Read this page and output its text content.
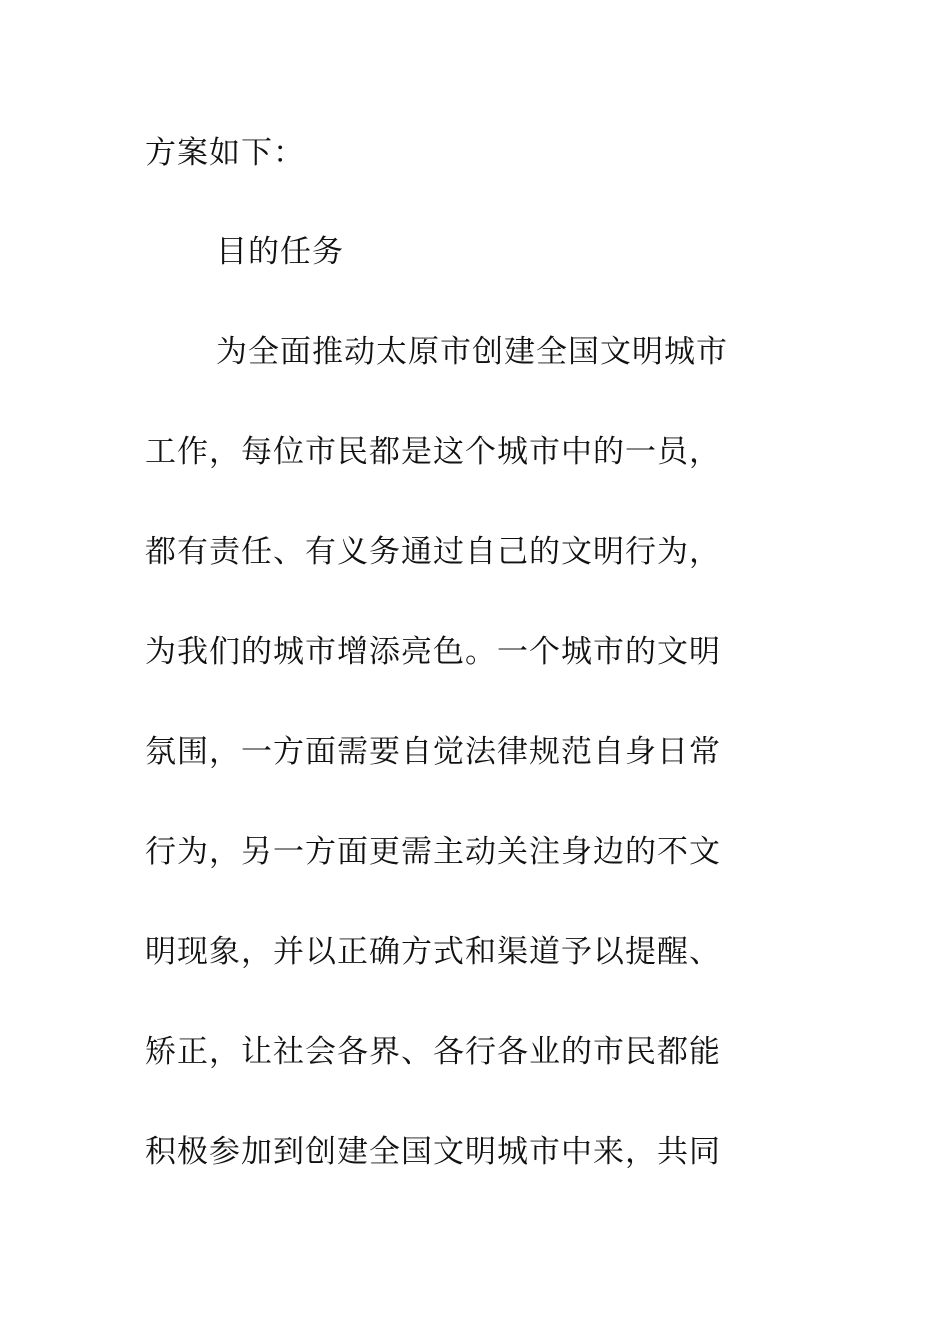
方案如下：
目的任务
为全面推动太原市创建全国文明城市
工作，每位市民都是这个城市中的一员，
都有责任、有义务通过自己的文明行为，
为我们的城市增添亮色。一个城市的文明
氛围，一方面需要自觉法律规范自身日常
行为，另一方面更需主动关注身边的不文
明现象，并以正确方式和渠道予以提醒、
矫正，让社会各界、各行各业的市民都能
积极参加到创建全国文明城市中来，共同
